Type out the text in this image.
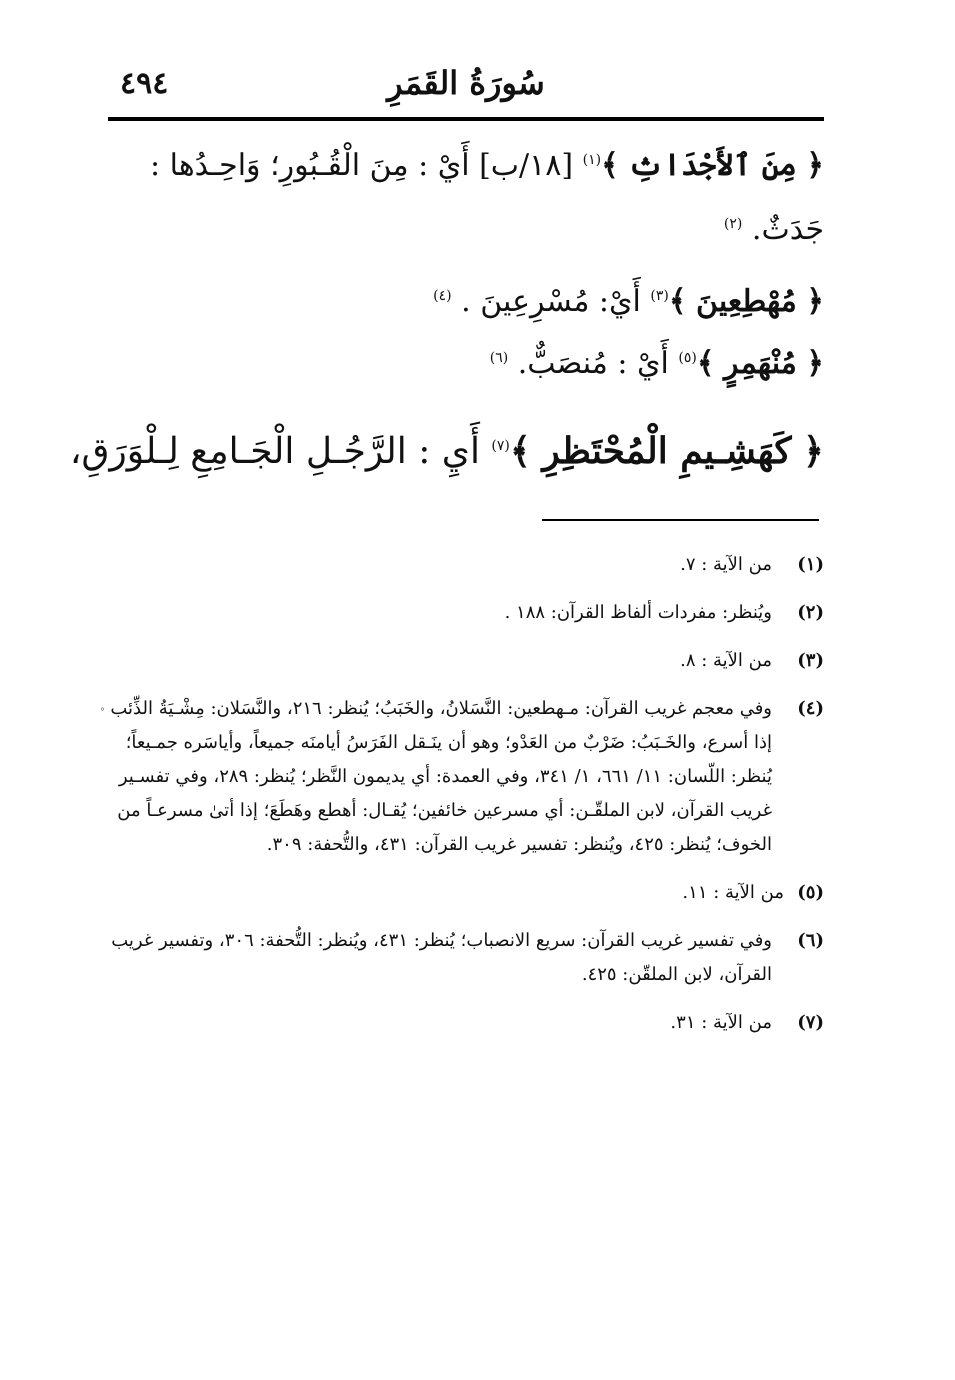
٤٩٤	سُورَةُ القَمَرِ
﴿ مِنَ ٱلأَجْدَاثِ ﴾$^{(١)}$ [١٨/ب] أَيْ : مِنَ الْقُـبُورِ؛ وَاحِـدُها :
جَدَثٌ. $^{(٢)}$
﴿ مُهْطِعِينَ ﴾$^{(٣)}$ أَيْ: مُسْرِعِينَ . $^{(٤)}$
﴿ مُنْهَمِرٍ ﴾$^{(٥)}$ أَيْ : مُنصَبٌّ. $^{(٦)}$
﴿ كَهَشِـيمِ الْمُحْتَظِرِ ﴾$^{(٧)}$ أَيِ : الرَّجُـلِ الْجَـامِعِ لِـلْوَرَقِ،
(١)
من الآية : ٧.
(٢)
ويُنظر: مفردات ألفاظ القرآن: ١٨٨ .
(٣)
من الآية : ٨.
°	(٤)
وفي معجم غريب القرآن: مـهطعين: النَّسَلانُ، والخَبَبُ؛ يُنظر: ٢١٦، والنَّسَلان: مِشْـيَةُ الذِّئب إذا أسرع، والخَـبَبُ: ضَرْبٌ من العَدْو؛ وهو أن ينَـقل الفَرَسُ أيامنَه جميعاً، وأياسَره جمـيعاً؛ يُنظر: اللّسان: ١١/ ٦٦١، ١/ ٣٤١، وفي العمدة: أي يديمون النَّظر؛ يُنظر: ٢٨٩، وفي تفسـير غريب القرآن، لابن الملقّـن: أي مسرعين خائفين؛ يُقـال: أهطع وهَطَعَ؛ إذا أتىٰ مسرعـاً من الخوف؛ يُنظر: ٤٢٥، ويُنظر: تفسير غريب القرآن: ٤٣١، والتُّحفة: ٣٠٩.
(٥)
من الآية : ١١.
(٦)
وفي تفسير غريب القرآن: سريع الانصباب؛ يُنظر: ٤٣١، ويُنظر: التُّحفة: ٣٠٦، وتفسير غريب القرآن، لابن الملقّن: ٤٢٥.
(٧)
من الآية : ٣١.
